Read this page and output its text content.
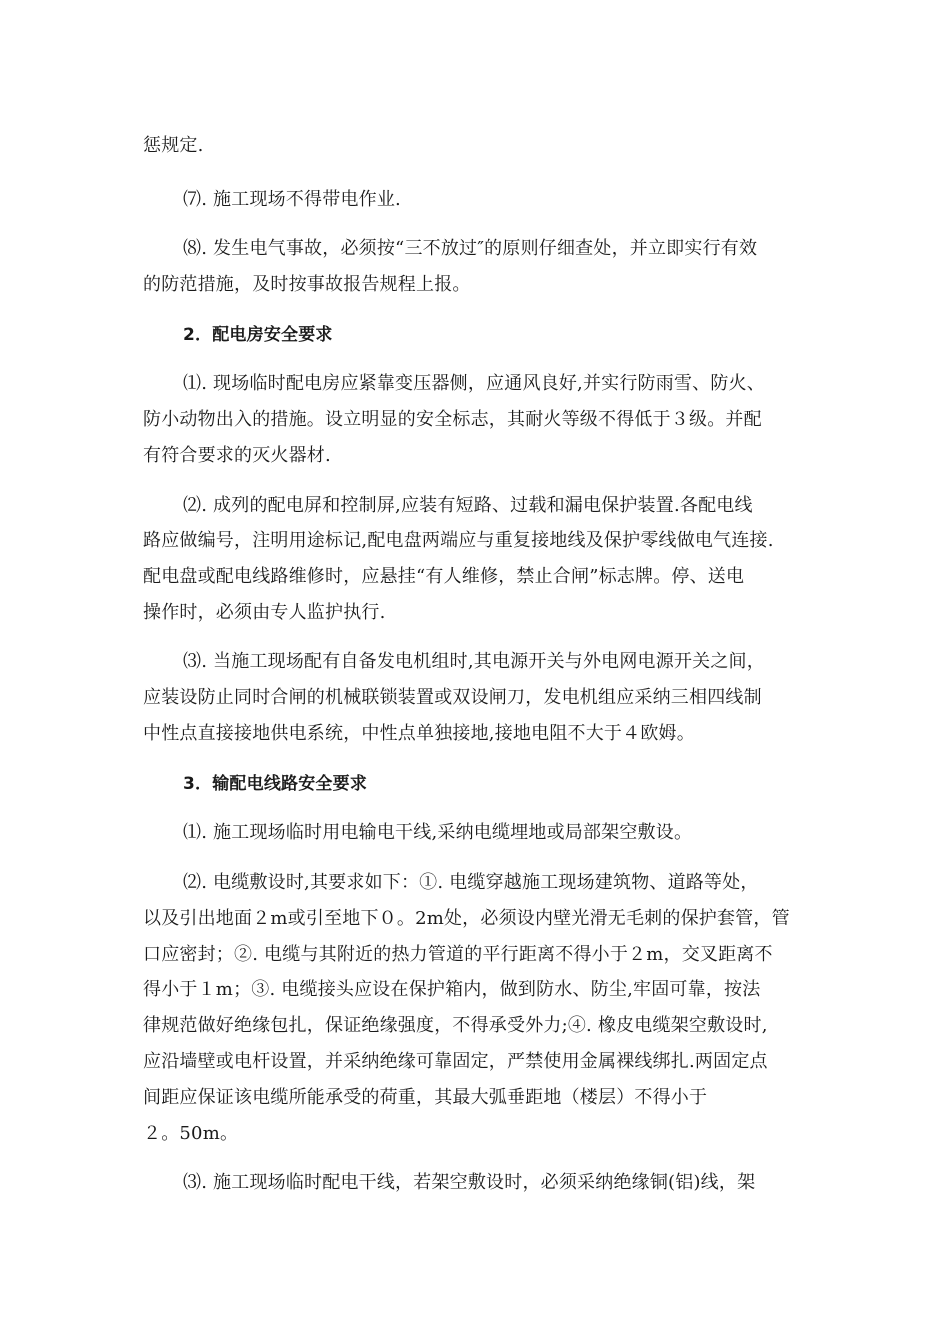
惩规定.
⑺. 施工现场不得带电作业.
⑻. 发生电气事故，必须按“三不放过″的原则仔细查处，并立即实行有效
的防范措施，及时按事故报告规程上报。
2．配电房安全要求
⑴. 现场临时配电房应紧靠变压器侧，应通风良好,并实行防雨雪、防火、
防小动物出入的措施。设立明显的安全标志，其耐火等级不得低于３级。并配
有符合要求的灭火器材.
⑵. 成列的配电屏和控制屏,应装有短路、过载和漏电保护装置.各配电线
路应做编号，注明用途标记,配电盘两端应与重复接地线及保护零线做电气连接.
配电盘或配电线路维修时，应悬挂“有人维修，禁止合闸”标志牌。停、送电
操作时，必须由专人监护执行.
⑶. 当施工现场配有自备发电机组时,其电源开关与外电网电源开关之间，
应装设防止同时合闸的机械联锁装置或双设闸刀，发电机组应采纳三相四线制
中性点直接接地供电系统，中性点单独接地,接地电阻不大于４欧姆。
3．输配电线路安全要求
⑴. 施工现场临时用电输电干线,采纳电缆埋地或局部架空敷设。
⑵. 电缆敷设时,其要求如下：①. 电缆穿越施工现场建筑物、道路等处，
以及引出地面２m或引至地下０。2m处，必须设内壁光滑无毛刺的保护套管，管
口应密封；②. 电缆与其附近的热力管道的平行距离不得小于２m，交叉距离不
得小于１m；③. 电缆接头应设在保护箱内，做到防水、防尘,牢固可靠，按法
律规范做好绝缘包扎，保证绝缘强度，不得承受外力;④. 橡皮电缆架空敷设时,
应沿墙壁或电杆设置，并采纳绝缘可靠固定，严禁使用金属裸线绑扎.两固定点
间距应保证该电缆所能承受的荷重，其最大弧垂距地（楼层）不得小于
２。50m。
⑶. 施工现场临时配电干线，若架空敷设时，必须采纳绝缘铜(铝)线，架
